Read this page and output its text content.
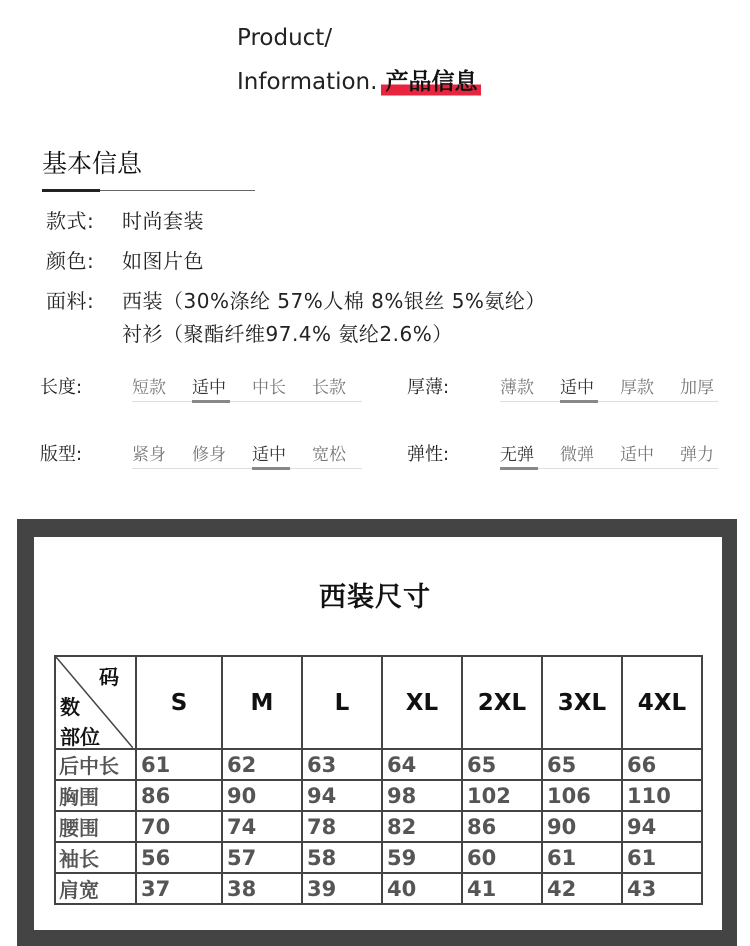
Product/
Information. 产品信息
基本信息
款式: 时尚套装
颜色: 如图片色
面料: 西装（30%涤纶 57%人棉 8%银丝 5%氨纶）
衬衫（聚酯纤维97.4% 氨纶2.6%）
长度:	短款 适中 中长 长款	厚薄:	薄款 适中 厚款 加厚
版型:	紧身 修身 适中 宽松	弹性:	无弹 微弹 适中 弹力
西装尺寸
码
数
部位	S	M	L	XL	2XL	3XL	4XL
后中长	61	62	63	64	65	65	66
胸围	86	90	94	98	102	106	110
腰围	70	74	78	82	86	90	94
袖长	56	57	58	59	60	61	61
肩宽	37	38	39	40	41	42	43
